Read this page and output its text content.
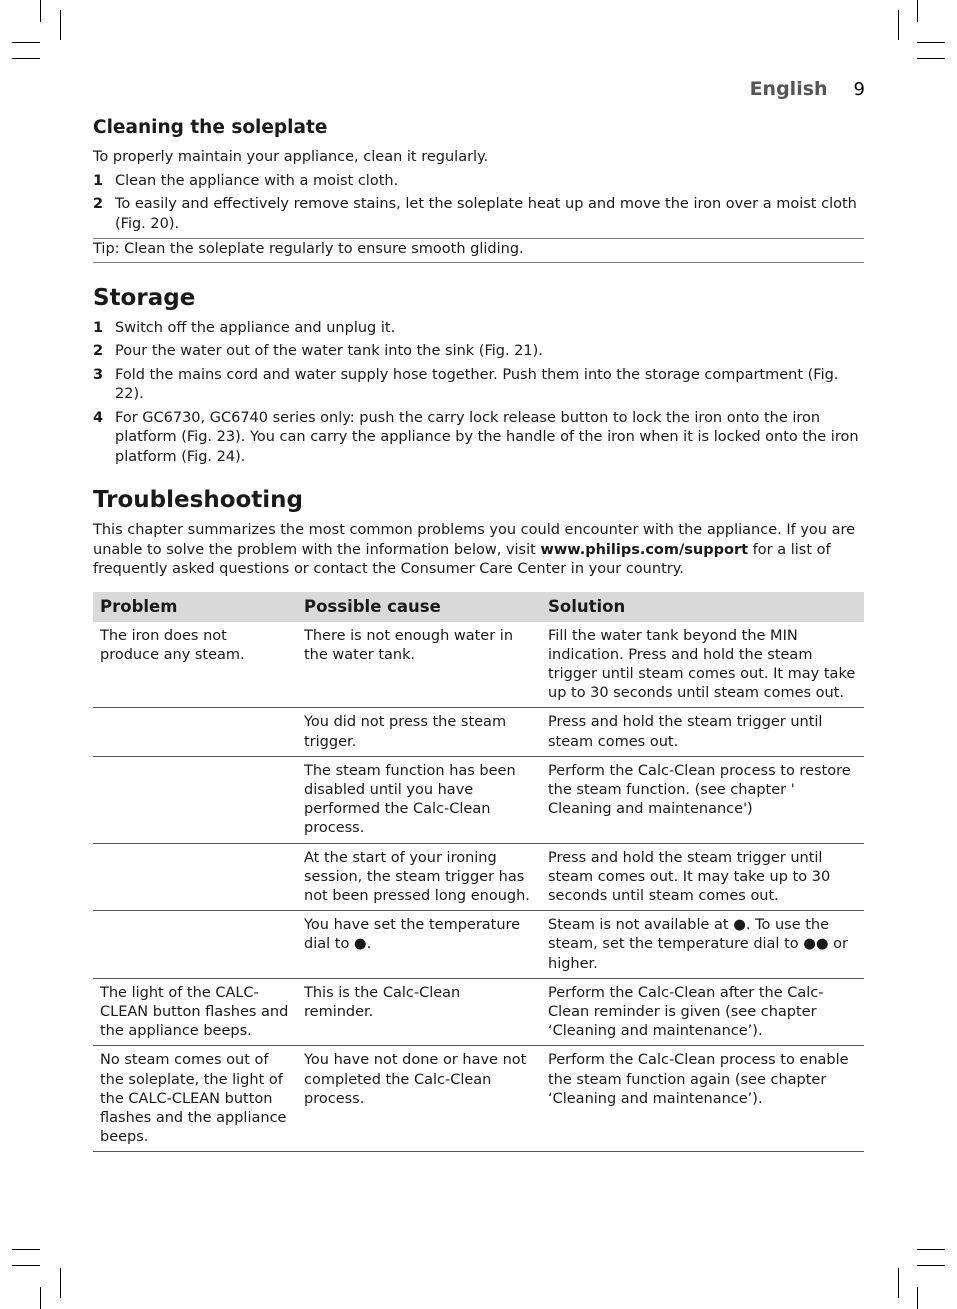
English 9
Cleaning the soleplate

To properly maintain your appliance, clean it regularly.

1 Clean the appliance with a moist cloth.
2 To easily and effectively remove stains, let the soleplate heat up and move the iron over a moist cloth (Fig. 20).
Tip: Clean the soleplate regularly to ensure smooth gliding.
Storage
1 Switch off the appliance and unplug it.
2 Pour the water out of the water tank into the sink (Fig. 21).
3 Fold the mains cord and water supply hose together. Push them into the storage compartment (Fig. 22).
4 For GC6730, GC6740 series only: push the carry lock release button to lock the iron onto the iron platform (Fig. 23). You can carry the appliance by the handle of the iron when it is locked onto the iron platform (Fig. 24).
Troubleshooting

This chapter summarizes the most common problems you could encounter with the appliance. If you are unable to solve the problem with the information below, visit www.philips.com/support for a list of frequently asked questions or contact the Consumer Care Center in your country.

Problem	Possible cause	Solution
The iron does not produce any steam.	There is not enough water in the water tank.	Fill the water tank beyond the MIN indication. Press and hold the steam trigger until steam comes out. It may take up to 30 seconds until steam comes out.
	You did not press the steam trigger.	Press and hold the steam trigger until steam comes out.
	The steam function has been disabled until you have performed the Calc-Clean process.	Perform the Calc-Clean process to restore the steam function. (see chapter ' Cleaning and maintenance')
	At the start of your ironing session, the steam trigger has not been pressed long enough.	Press and hold the steam trigger until steam comes out. It may take up to 30 seconds until steam comes out.
	You have set the temperature dial to ●.	Steam is not available at ●. To use the steam, set the temperature dial to ●● or higher.
The light of the CALC-CLEAN button flashes and the appliance beeps.	This is the Calc-Clean reminder.	Perform the Calc-Clean after the Calc-Clean reminder is given (see chapter ‘Cleaning and maintenance’).
No steam comes out of the soleplate, the light of the CALC-CLEAN button flashes and the appliance beeps.	You have not done or have not completed the Calc-Clean process.	Perform the Calc-Clean process to enable the steam function again (see chapter ‘Cleaning and maintenance’).
